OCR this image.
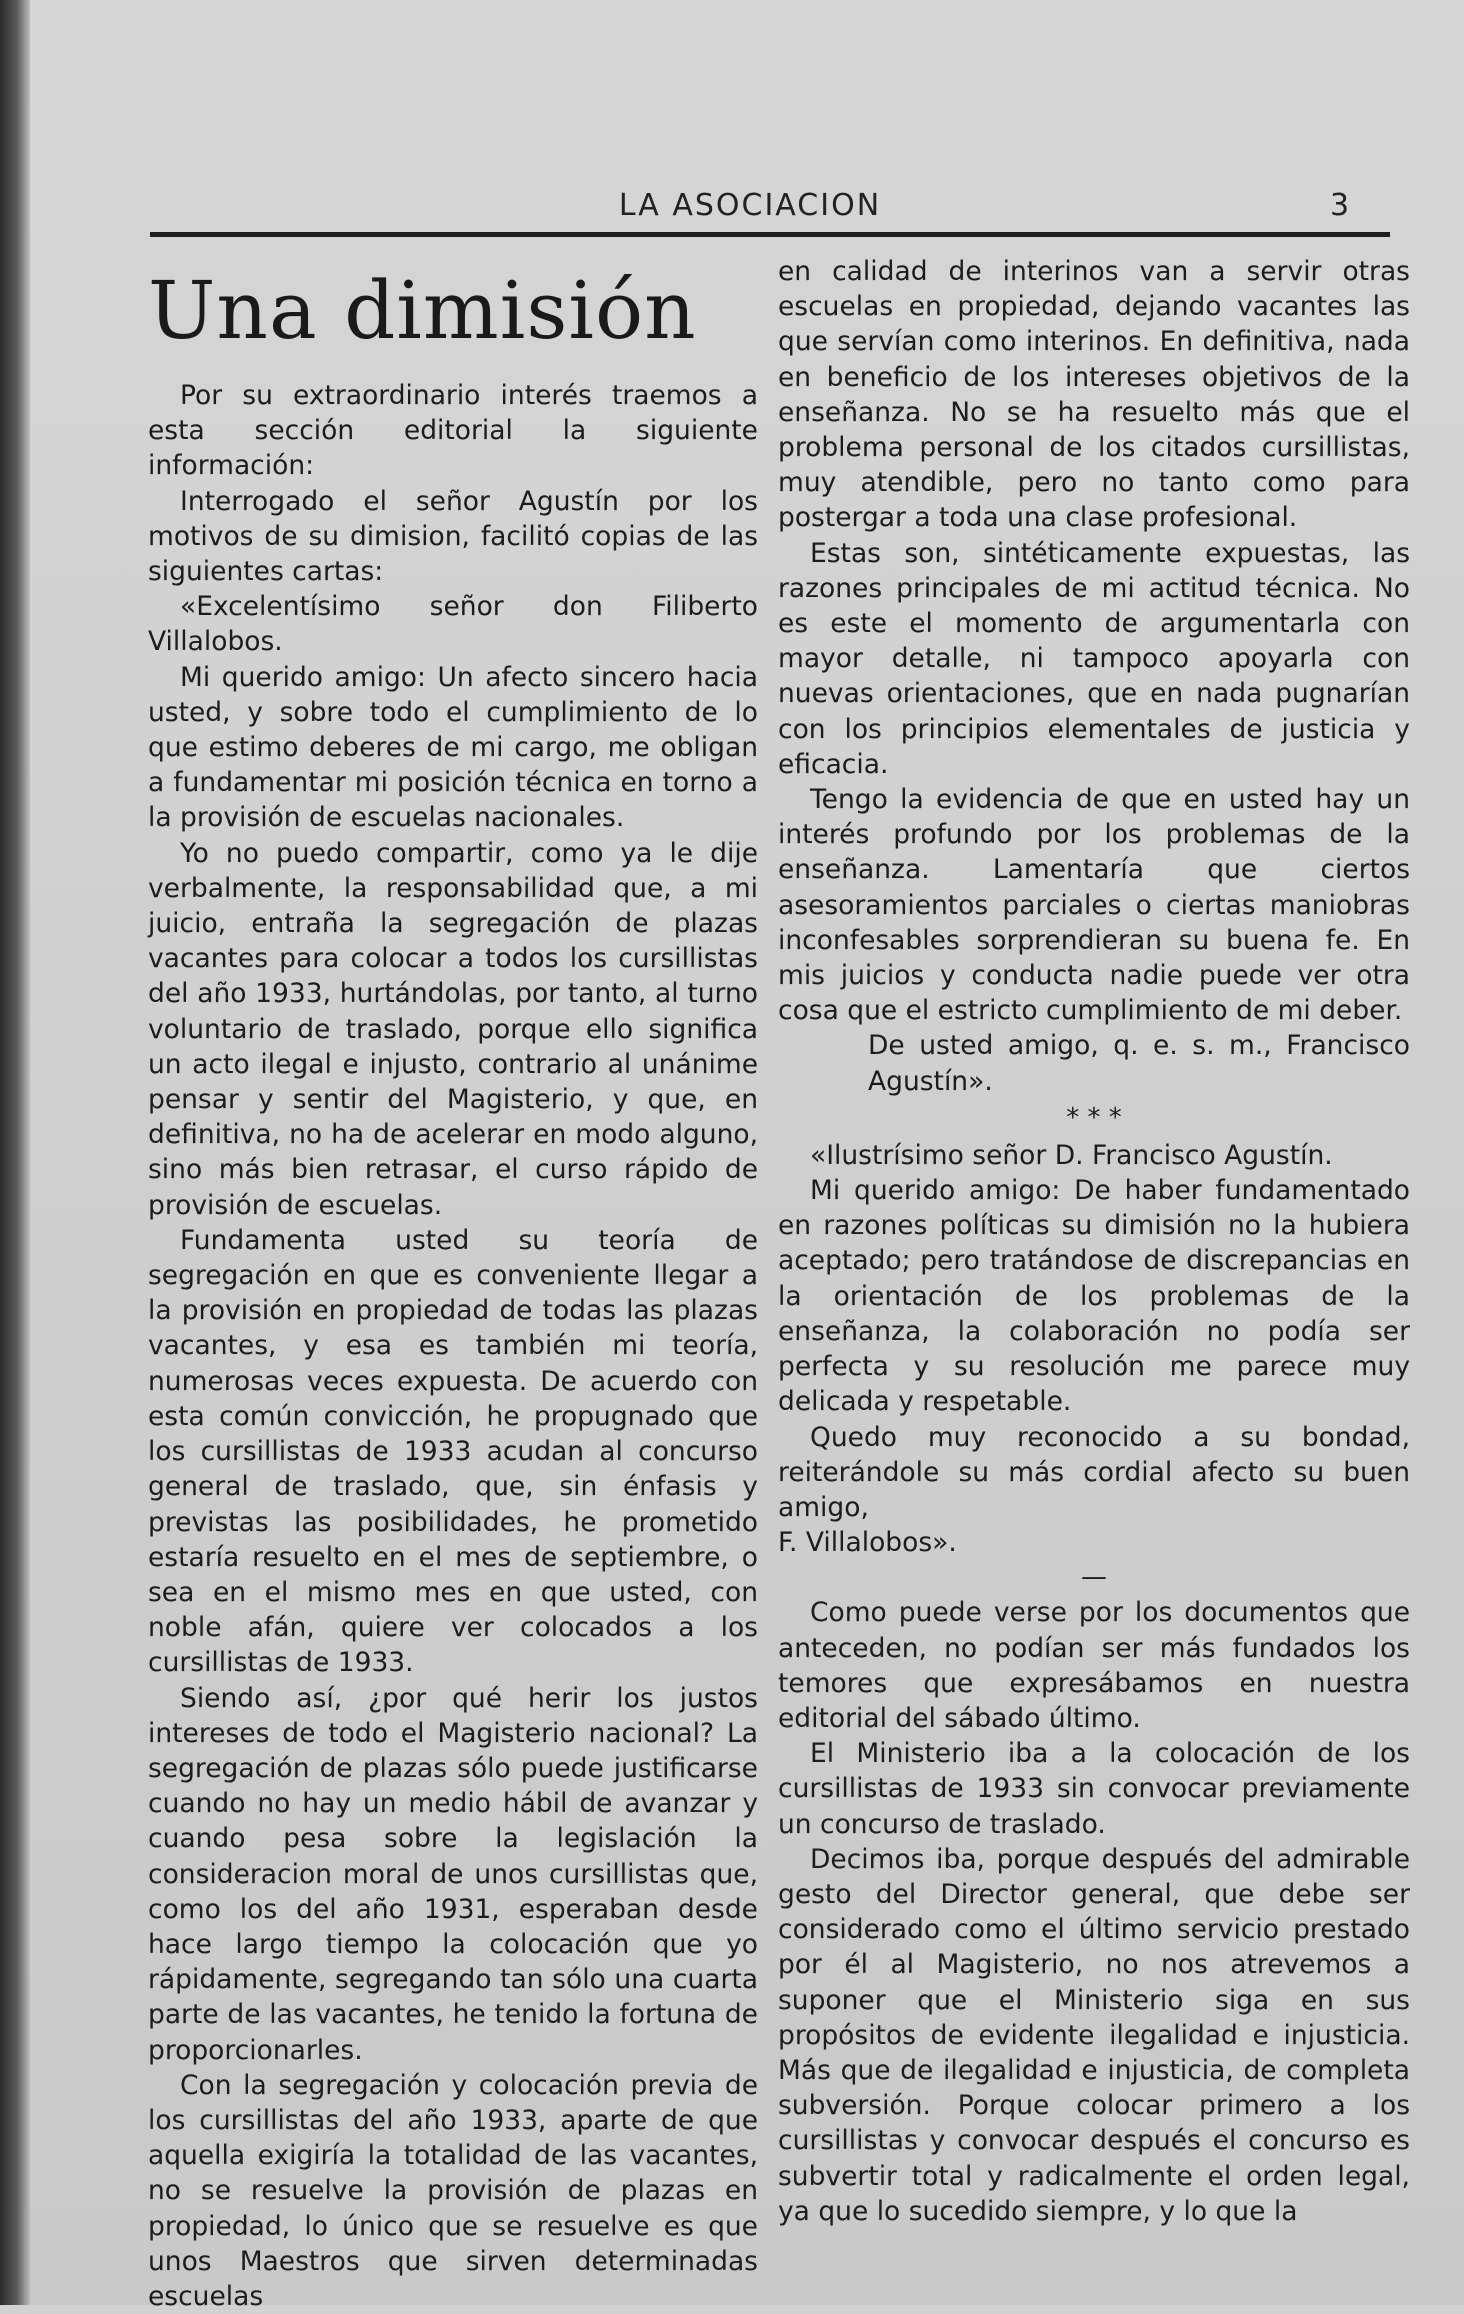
LA ASOCIACION	3
Una dimisión

Por su extraordinario interés traemos a esta sección editorial la siguiente información:

Interrogado el señor Agustín por los motivos de su dimision, facilitó copias de las siguientes cartas:

«Excelentísimo señor don Filiberto Villalobos.

Mi querido amigo: Un afecto sincero hacia usted, y sobre todo el cumplimiento de lo que estimo deberes de mi cargo, me obligan a fundamentar mi posición técnica en torno a la provisión de escuelas nacionales.

Yo no puedo compartir, como ya le dije verbalmente, la responsabilidad que, a mi juicio, entraña la segregación de plazas vacantes para colocar a todos los cursillistas del año 1933, hurtándolas, por tanto, al turno voluntario de traslado, porque ello significa un acto ilegal e injusto, contrario al unánime pensar y sentir del Magisterio, y que, en definitiva, no ha de acelerar en modo alguno, sino más bien retrasar, el curso rápido de provisión de escuelas.

Fundamenta usted su teoría de segregación en que es conveniente llegar a la provisión en propiedad de todas las plazas vacantes, y esa es también mi teoría, numerosas veces expuesta. De acuerdo con esta común convicción, he propugnado que los cursillistas de 1933 acudan al concurso general de traslado, que, sin énfasis y previstas las posibilidades, he prometido estaría resuelto en el mes de septiembre, o sea en el mismo mes en que usted, con noble afán, quiere ver colocados a los cursillistas de 1933.

Siendo así, ¿por qué herir los justos intereses de todo el Magisterio nacional? La segregación de plazas sólo puede justificarse cuando no hay un medio hábil de avanzar y cuando pesa sobre la legislación la consideracion moral de unos cursillistas que, como los del año 1931, esperaban desde hace largo tiempo la colocación que yo rápidamente, segregando tan sólo una cuarta parte de las vacantes, he tenido la fortuna de proporcionarles.

Con la segregación y colocación previa de los cursillistas del año 1933, aparte de que aquella exigiría la totalidad de las vacantes, no se resuelve la provisión de plazas en propiedad, lo único que se resuelve es que unos Maestros que sirven determinadas escuelas

en calidad de interinos van a servir otras escuelas en propiedad, dejando vacantes las que servían como interinos. En definitiva, nada en beneficio de los intereses objetivos de la enseñanza. No se ha resuelto más que el problema personal de los citados cursillistas, muy atendible, pero no tanto como para postergar a toda una clase profesional.

Estas son, sintéticamente expuestas, las razones principales de mi actitud técnica. No es este el momento de argumentarla con mayor detalle, ni tampoco apoyarla con nuevas orientaciones, que en nada pugnarían con los principios elementales de justicia y eficacia.

Tengo la evidencia de que en usted hay un interés profundo por los problemas de la enseñanza. Lamentaría que ciertos asesoramientos parciales o ciertas maniobras inconfesables sorprendieran su buena fe. En mis juicios y conducta nadie puede ver otra cosa que el estricto cumplimiento de mi deber.

De usted amigo, q. e. s. m., Francisco Agustín».

* * *

«Ilustrísimo señor D. Francisco Agustín.

Mi querido amigo: De haber fundamentado en razones políticas su dimisión no la hubiera aceptado; pero tratándose de discrepancias en la orientación de los problemas de la enseñanza, la colaboración no podía ser perfecta y su resolución me parece muy delicada y respetable.

Quedo muy reconocido a su bondad, reiterándole su más cordial afecto su buen amigo,

F. Villalobos».

—

Como puede verse por los documentos que anteceden, no podían ser más fundados los temores que expresábamos en nuestra editorial del sábado último.

El Ministerio iba a la colocación de los cursillistas de 1933 sin convocar previamente un concurso de traslado.

Decimos iba, porque después del admirable gesto del Director general, que debe ser considerado como el último servicio prestado por él al Magisterio, no nos atrevemos a suponer que el Ministerio siga en sus propósitos de evidente ilegalidad e injusticia. Más que de ilegalidad e injusticia, de completa subversión. Porque colocar primero a los cursillistas y convocar después el concurso es subvertir total y radicalmente el orden legal, ya que lo sucedido siempre, y lo que la
